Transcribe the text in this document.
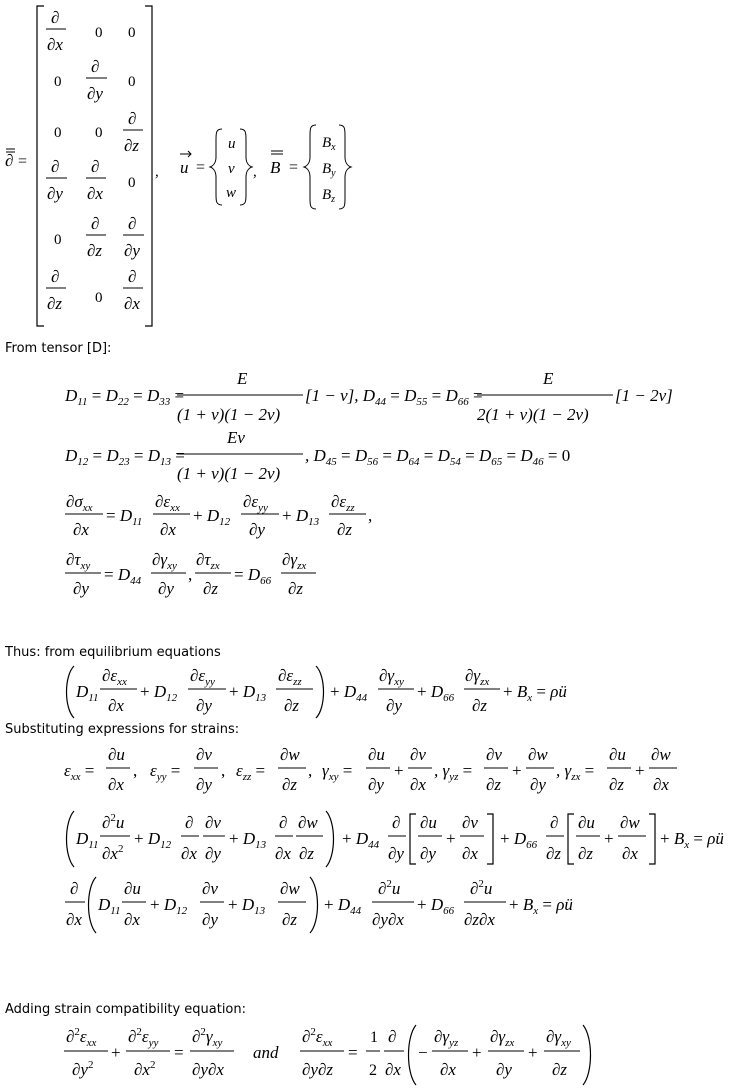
∂ =
∂
∂x
0 0
0
∂
∂y
0
0 0
∂
∂z
∂
∂y
∂
∂x
0
0
∂
∂z
∂
∂y
∂
∂z 0
∂
∂x
, u =
u
v
w
, B =
$B_x$
$B_y$
$B_z$
From tensor [D]:
$D_{11} = D_{22} = D_{33}$ =
E
(1 + ν)(1 − 2ν)
[1 − ν], $D_{44} = D_{55} = D_{66}$ =
E
2(1 + ν)(1 − 2ν)
[1 − 2ν]
$D_{12} = D_{23} = D_{13}$ =
Eν
(1 + ν)(1 − 2ν)
, $D_{45} = D_{56} = D_{64} = D_{54} = D_{65} = D_{46} = 0$
$\partial\sigma_{xx}$
∂x
= $D_{11}$
$\partial\varepsilon_{xx}$
∂x
+ $D_{12}$
$\partial\varepsilon_{yy}$
∂y
+ $D_{13}$
$\partial\varepsilon_{zz}$
∂z
,
$\partial\tau_{xy}$
∂y
= $D_{44}$
$\partial\gamma_{xy}$
∂y
,
$\partial\tau_{zx}$
∂z
= $D_{66}$
$\partial\gamma_{zx}$
∂z
Thus: from equilibrium equations
$D_{11}$
$\partial\varepsilon_{xx}$
∂x
+ $D_{12}$
$\partial\varepsilon_{yy}$
∂y
+ $D_{13}$
$\partial\varepsilon_{zz}$
∂z
+ $D_{44}$
$\partial\gamma_{xy}$
∂y
+ $D_{66}$
$\partial\gamma_{zx}$
∂z
+ $B_x$ = ρü
Substituting expressions for strains:
$\varepsilon_{xx}$ =
∂u
∂x
, $\varepsilon_{yy}$ =
∂v
∂y
, $\varepsilon_{zz}$ =
∂w
∂z
, $\gamma_{xy}$ =
∂u
∂y
+
∂v
∂x
, $\gamma_{yz}$ =
∂v
∂z
+
∂w
∂y
, $\gamma_{zx}$ =
∂u
∂z
+
∂w
∂x
$D_{11}$
∂$^2$u
$\partial x^2$
+ $D_{12}$
∂
∂x
∂v
∂y
+ $D_{13}$
∂
∂x
∂w
∂z
+ $D_{44}$
∂
∂y
∂u
∂y
+
∂v
∂x
+ $D_{66}$
∂
∂z
∂u
∂z
+
∂w
∂x
+ $B_x$ = ρü
∂
∂x
$D_{11}$
∂u
∂x
+ $D_{12}$
∂v
∂y
+ $D_{13}$
∂w
∂z
+ $D_{44}$
∂$^2$u
∂y∂x
+ $D_{66}$
∂$^2$u
∂z∂x
+ $B_x$ = ρü
Adding strain compatibility equation:
$\partial^2\varepsilon_{xx}$
$\partial y^2$
+
$\partial^2\varepsilon_{yy}$
$\partial x^2$
=
$\partial^2\gamma_{xy}$
∂y∂x
and
$\partial^2\varepsilon_{xx}$
∂y∂z
=
1
2
∂
∂x
−
$\partial\gamma_{yz}$
∂x
+
$\partial\gamma_{zx}$
∂y
+
$\partial\gamma_{xy}$
∂z
